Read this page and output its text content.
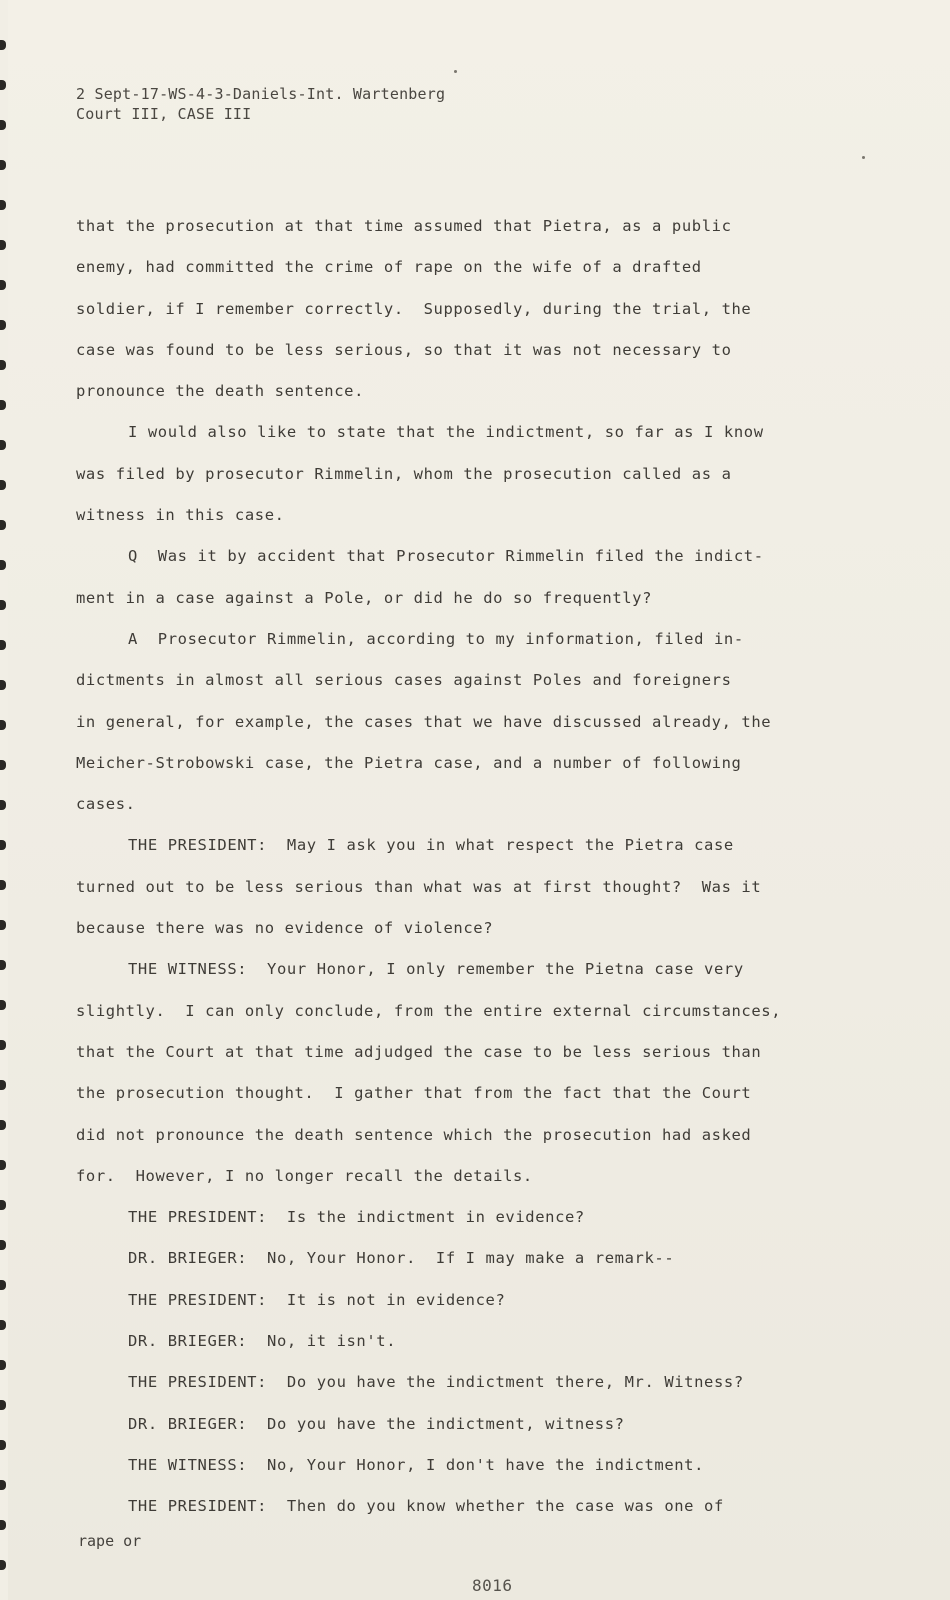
2 Sept-17-WS-4-3-Daniels-Int. Wartenberg
Court III, CASE III
that the prosecution at that time assumed that Pietra, as a public
enemy, had committed the crime of rape on the wife of a drafted
soldier, if I remember correctly.  Supposedly, during the trial, the
case was found to be less serious, so that it was not necessary to
pronounce the death sentence.
I would also like to state that the indictment, so far as I know
was filed by prosecutor Rimmelin, whom the prosecution called as a
witness in this case.
Q  Was it by accident that Prosecutor Rimmelin filed the indict-
ment in a case against a Pole, or did he do so frequently?
A  Prosecutor Rimmelin, according to my information, filed in-
dictments in almost all serious cases against Poles and foreigners
in general, for example, the cases that we have discussed already, the
Meicher-Strobowski case, the Pietra case, and a number of following
cases.
THE PRESIDENT:  May I ask you in what respect the Pietra case
turned out to be less serious than what was at first thought?  Was it
because there was no evidence of violence?
THE WITNESS:  Your Honor, I only remember the Pietna case very
slightly.  I can only conclude, from the entire external circumstances,
that the Court at that time adjudged the case to be less serious than
the prosecution thought.  I gather that from the fact that the Court
did not pronounce the death sentence which the prosecution had asked
for.  However, I no longer recall the details.
THE PRESIDENT:  Is the indictment in evidence?
DR. BRIEGER:  No, Your Honor.  If I may make a remark--
THE PRESIDENT:  It is not in evidence?
DR. BRIEGER:  No, it isn't.
THE PRESIDENT:  Do you have the indictment there, Mr. Witness?
DR. BRIEGER:  Do you have the indictment, witness?
THE WITNESS:  No, Your Honor, I don't have the indictment.
THE PRESIDENT:  Then do you know whether the case was one of
rape or
8016
